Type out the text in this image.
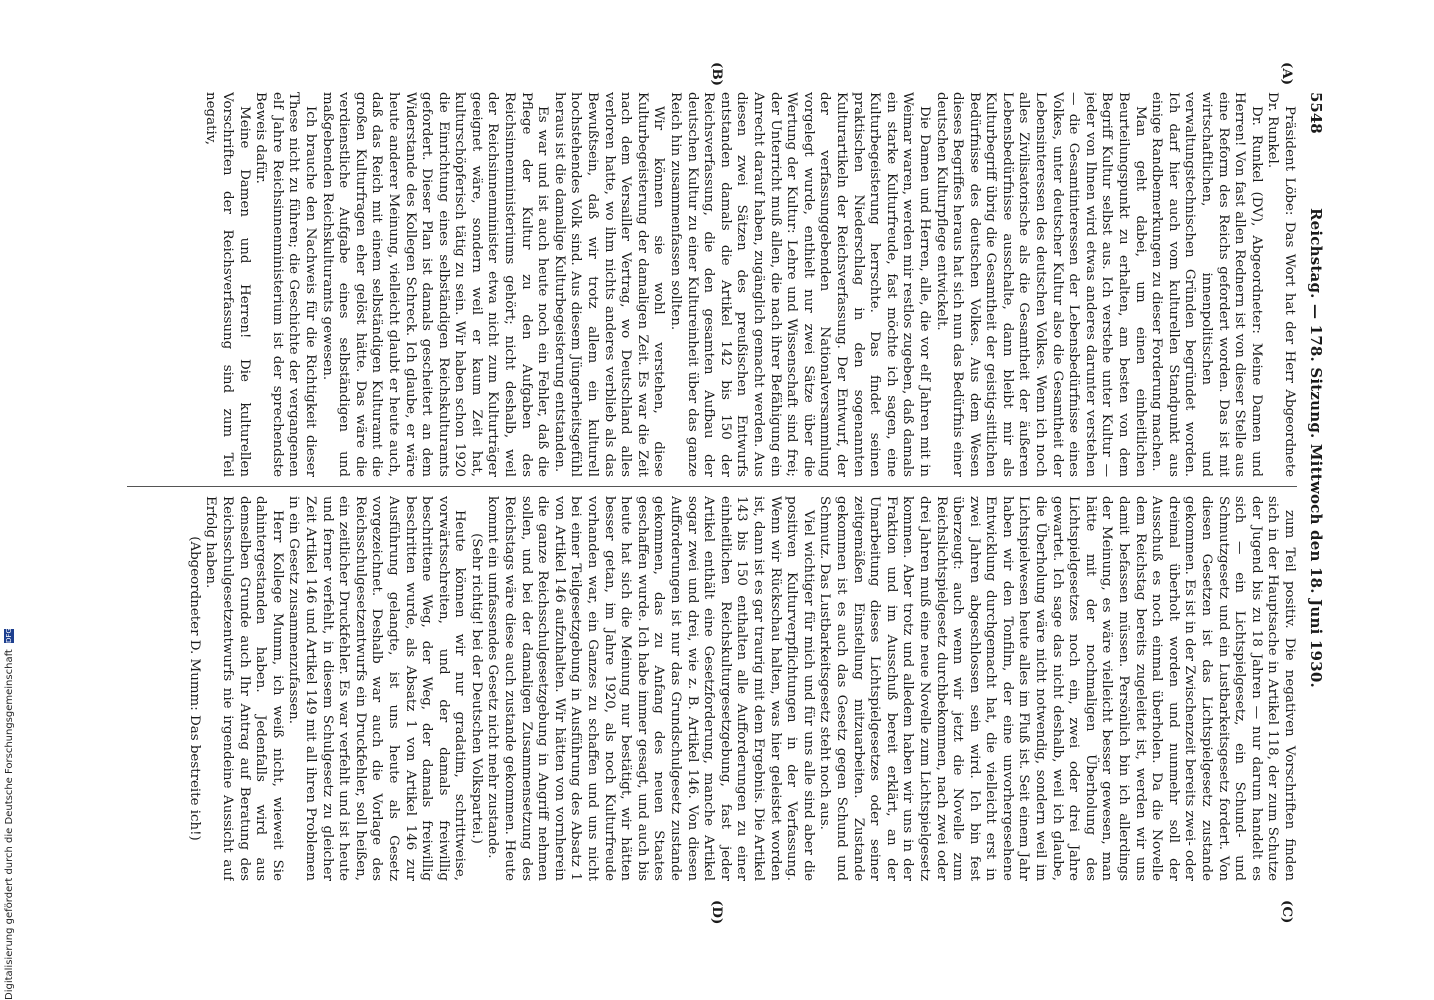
5548
Reichstag. — 178. Sitzung. Mittwoch den 18. Juni 1930.
(A)
(B)
(C)
(D)

Präsident Löbe: Das Wort hat der Herr Abgeordnete Dr. Runkel.

Dr. Runkel (DV), Abgeordneter: Meine Damen und Herren! Von fast allen Rednern ist von dieser Stelle aus eine Reform des Reichs gefordert worden. Das ist mit wirtschaftlichen, innenpolitischen und verwaltungstechnischen Gründen begründet worden. Ich darf hier auch vom kulturellen Standpunkt aus einige Randbemerkungen zu dieser Forderung machen.

Man geht dabei, um einen einheitlichen Beurteilungspunkt zu erhalten, am besten von dem Begriff Kultur selbst aus. Ich verstehe unter Kultur — jeder von Ihnen wird etwas anderes darunter verstehen — die Gesamtinteressen der Lebensbedürfnisse eines Volkes, unter deutscher Kultur also die Gesamtheit der Lebensinteressen des deutschen Volkes. Wenn ich noch alles Zivilisatorische als die Gesamtheit der äußeren Lebensbedürfnisse ausschalte, dann bleibt mir als Kulturbegriff übrig die Gesamtheit der geistig-sittlichen Bedürfnisse des deutschen Volkes. Aus dem Wesen dieses Begriffes heraus hat sich nun das Bedürfnis einer deutschen Kulturpflege entwickelt.

Die Damen und Herren, alle, die vor elf Jahren mit in Weimar waren, werden mir restlos zugeben, daß damals ein starke Kulturfreude, fast möchte ich sagen, eine Kulturbegeisterung herrschte. Das findet seinen praktischen Niederschlag in den sogenannten Kulturartikeln der Reichsverfassung. Der Entwurf, der der verfassunggebenden Nationalversammlung vorgelegt wurde, enthielt nur zwei Sätze über die Wertung der Kultur: Lehre und Wissenschaft sind frei; der Unterricht muß allen, die nach ihrer Befähigung ein Anrecht darauf haben, zugänglich gemacht werden. Aus diesen zwei Sätzen des preußischen Entwurfs entstanden damals die Artikel 142 bis 150 der Reichsverfassung, die den gesamten Aufbau der deutschen Kultur zu einer Kultureinheit über das ganze Reich hin zusammenfassen sollten.

Wir können sie wohl verstehen, diese Kulturbegeisterung der damaligen Zeit. Es war die Zeit nach dem Versailler Vertrag, wo Deutschland alles verloren hatte, wo ihm nichts anderes verblieb als das Bewußtsein, daß wir trotz allem ein kulturell hochstehendes Volk sind. Aus diesem Jüngerheitsgefühl heraus ist die damalige Kulturbegeisterung entstanden.

Es war und ist auch heute noch ein Fehler, daß die Pflege der Kultur zu den Aufgaben des Reichsinnenministeriums gehört; nicht deshalb, weil der Reichsinnenminister etwa nicht zum Kulturträger geeignet wäre, sondern weil er kaum Zeit hat, kulturschöpferisch tätig zu sein. Wir haben schon 1920 die Einrichtung eines selbständigen Reichskulturamts gefordert. Dieser Plan ist damals gescheitert an dem Widerstande des Kollegen Schreck. Ich glaube, er wäre heute anderer Meinung, vielleicht glaubt er heute auch, daß das Reich mit einem selbständigen Kulturamt die großen Kulturfragen eher gelöst hätte. Das wäre die verdienstliche Aufgabe eines selbständigen und maßgebenden Reichskulturamts gewesen.

Ich brauche den Nachweis für die Richtigkeit dieser These nicht zu führen; die Geschichte der vergangenen elf Jahre Reichsinnenministerium ist der sprechendste Beweis dafür.

Meine Damen und Herren! Die kulturellen Vorschriften der Reichsverfassung sind zum Teil negativ,

zum Teil positiv. Die negativen Vorschriften finden sich in der Hauptsache in Artikel 118, der zum Schutze der Jugend bis zu 18 Jahren — nur darum handelt es sich — ein Lichtspielgesetz, ein Schund- und Schmutzgesetz und ein Lustbarkeitsgesetz fordert. Von diesen Gesetzen ist das Lichtspielgesetz zustande gekommen. Es ist in der Zwischenzeit bereits zwei- oder dreimal überholt worden und nunmehr soll der Ausschuß es noch einmal überholen. Da die Novelle dem Reichstag bereits zugeleitet ist, werden wir uns damit befassen müssen. Persönlich bin ich allerdings der Meinung, es wäre vielleicht besser gewesen, man hätte mit der nochmaligen Überholung des Lichtspielgesetzes noch ein, zwei oder drei Jahre gewartet. Ich sage das nicht deshalb, weil ich glaube, die Überholung wäre nicht notwendig, sondern weil im Lichtspielwesen heute alles im Fluß ist. Seit einem Jahr haben wir den Tonfilm, der eine unvorhergesehene Entwicklung durchgemacht hat, die vielleicht erst in zwei Jahren abgeschlossen sein wird. Ich bin fest überzeugt: auch wenn wir jetzt die Novelle zum Reichslichtspielgesetz durchbekommen, nach zwei oder drei Jahren muß eine neue Novelle zum Lichtspielgesetz kommen. Aber trotz und alledem haben wir uns in der Fraktion und im Ausschuß bereit erklärt, an der Umarbeitung dieses Lichtspielgesetzes oder seiner zeitgemäßen Einstellung mitzuarbeiten. Zustande gekommen ist es auch das Gesetz gegen Schund und Schmutz. Das Lustbarkeitsgesetz steht noch aus.

Viel wichtiger für mich und für uns alle sind aber die positiven Kulturverpflichtungen in der Verfassung. Wenn wir Rückschau halten, was hier geleistet worden ist, dann ist es gar traurig mit dem Ergebnis. Die Artikel 143 bis 150 enthalten alle Aufforderungen zu einer einheitlichen Reichskulturgesetzgebung, fast jeder Artikel enthält eine Gesetzforderung, manche Artikel sogar zwei und drei, wie z. B. Artikel 146. Von diesen Aufforderungen ist nur das Grundschulgesetz zustande gekommen, das zu Anfang des neuen Staates geschaffen wurde. Ich habe immer gesagt, und auch bis heute hat sich die Meinung nur bestätigt, wir hätten besser getan, im Jahre 1920, als noch Kulturfreude vorhanden war, ein Ganzes zu schaffen und uns nicht bei einer Teilgesetzgebung in Ausführung des Absatz 1 von Artikel 146 aufzuhalten. Wir hätten von vornherein die ganze Reichsschulgesetzgebung in Angriff nehmen sollen, und bei der damaligen Zusammensetzung des Reichstags wäre diese auch zustande gekommen. Heute kommt ein umfassendes Gesetz nicht mehr zustande.

(Sehr richtig! bei der Deutschen Volkspartei.)

Heute können wir nur gradatim, schrittweise, vorwärtsschreiten, und der damals freiwillig beschrittene Weg, der Weg, der damals freiwillig beschritten wurde, als Absatz 1 von Artikel 146 zur Ausführung gelangte, ist uns heute als Gesetz vorgezeichnet. Deshalb war auch die Vorlage des Reichsschulgesetzentwurfs ein Druckfehler, soll heißen, ein zeitlicher Druckfehler. Es war verfehlt und ist heute und ferner verfehlt, in diesem Schulgesetz zu gleicher Zeit Artikel 146 und Artikel 149 mit all ihren Problemen in ein Gesetz zusammenzufassen.

Herr Kollege Mumm, ich weiß nicht, wieweit Sie dahintergestanden haben. Jedenfalls wird aus demselben Grunde auch Ihr Antrag auf Beratung des Reichsschulgesetzentwurfs nie irgendeine Aussicht auf Erfolg haben.

(Abgeordneter D. Mumm: Das bestreite ich!)

Digitalisierung gefördert durch die Deutsche Forschungsgemeinschaft DFG
